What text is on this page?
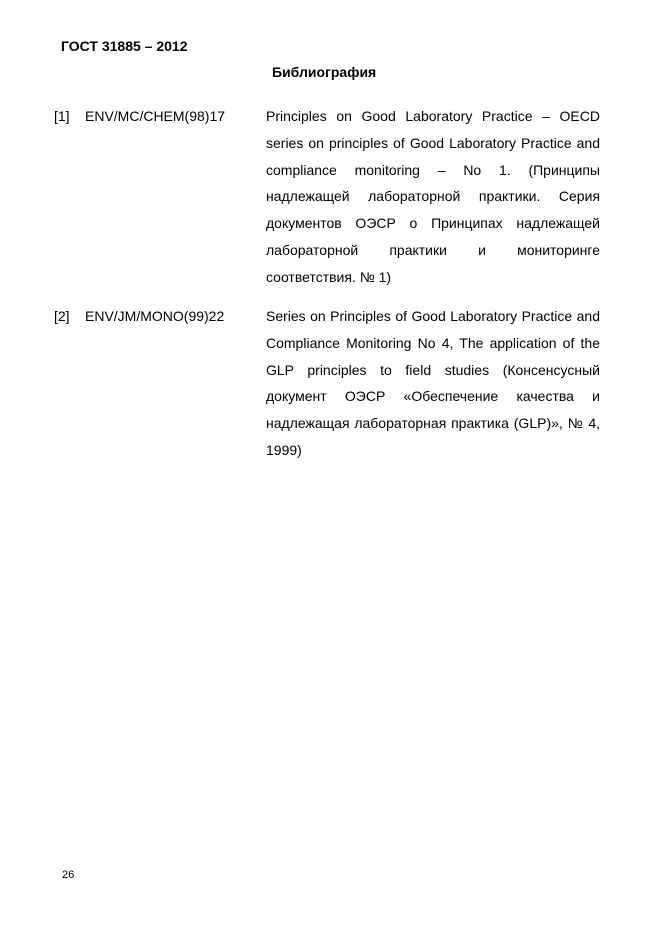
ГОСТ 31885 – 2012
Библиография
[1] ENV/MC/CHEM(98)17	Principles on Good Laboratory Practice – OECD series on principles of Good Laboratory Practice and compliance monitoring – No 1. (Принципы надлежащей лабораторной практики. Серия документов ОЭСР о Принципах надлежащей лабораторной практики и мониторинге соответствия. № 1)
[2] ENV/JM/MONO(99)22	Series on Principles of Good Laboratory Practice and Compliance Monitoring No 4, The application of the GLP principles to field studies (Консенсусный документ ОЭСР «Обеспечение качества и надлежащая лабораторная практика (GLP)», № 4, 1999)
26
